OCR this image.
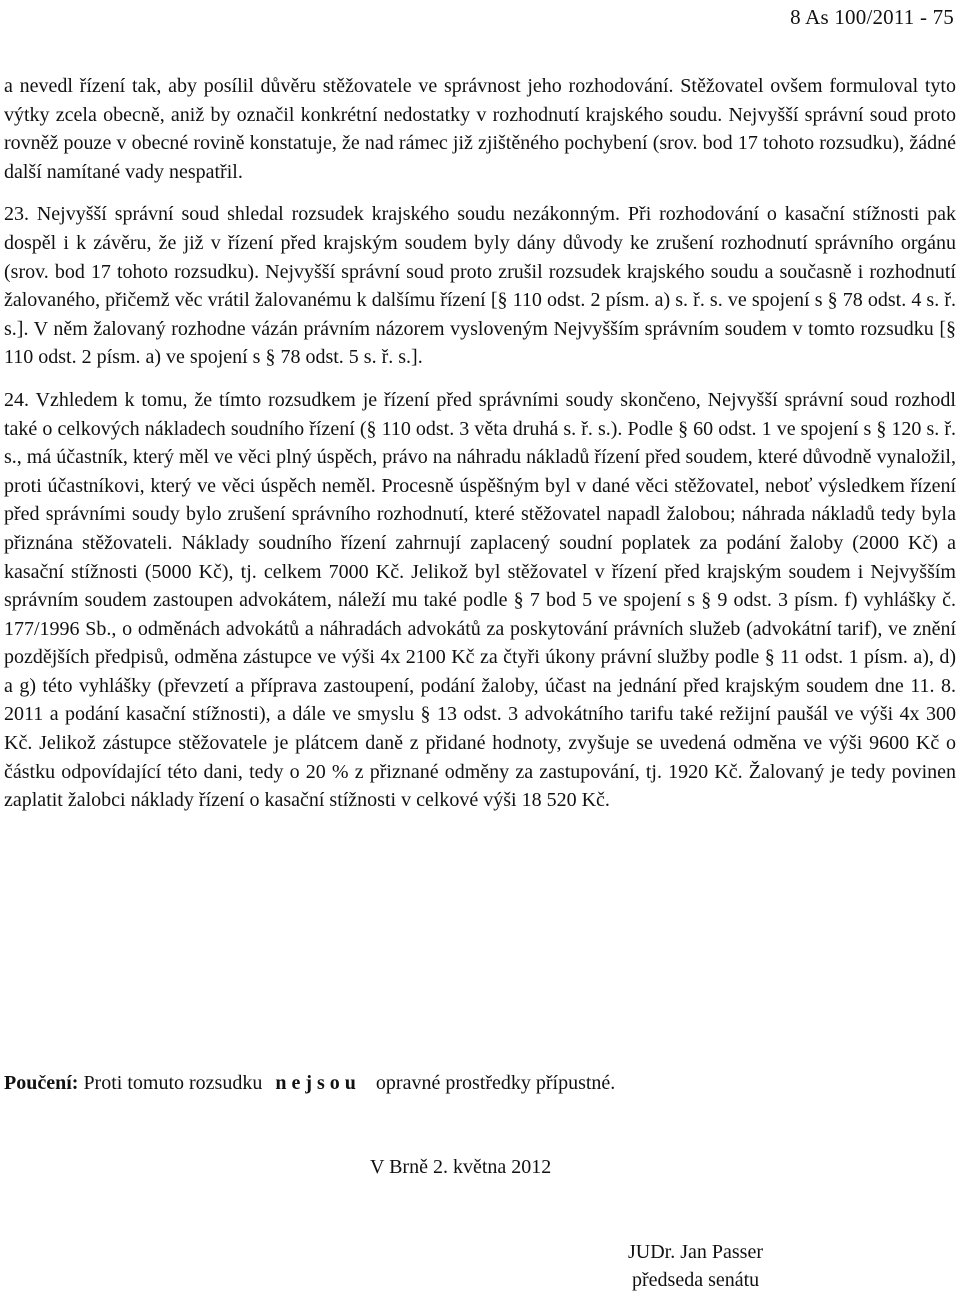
8 As 100/2011 - 75

a nevedl řízení tak, aby posílil důvěru stěžovatele ve správnost jeho rozhodování. Stěžovatel ovšem formuloval tyto výtky zcela obecně, aniž by označil konkrétní nedostatky v rozhodnutí krajského soudu. Nejvyšší správní soud proto rovněž pouze v obecné rovině konstatuje, že nad rámec již zjištěného pochybení (srov. bod 17 tohoto rozsudku), žádné další namítané vady nespatřil.

23. Nejvyšší správní soud shledal rozsudek krajského soudu nezákonným. Při rozhodování o kasační stížnosti pak dospěl i k závěru, že již v řízení před krajským soudem byly dány důvody ke zrušení rozhodnutí správního orgánu (srov. bod 17 tohoto rozsudku). Nejvyšší správní soud proto zrušil rozsudek krajského soudu a současně i rozhodnutí žalovaného, přičemž věc vrátil žalovanému k dalšímu řízení [§ 110 odst. 2 písm. a) s. ř. s. ve spojení s § 78 odst. 4 s. ř. s.]. V něm žalovaný rozhodne vázán právním názorem vysloveným Nejvyšším správním soudem v tomto rozsudku [§ 110 odst. 2 písm. a) ve spojení s § 78 odst. 5 s. ř. s.].

24. Vzhledem k tomu, že tímto rozsudkem je řízení před správními soudy skončeno, Nejvyšší správní soud rozhodl také o celkových nákladech soudního řízení (§ 110 odst. 3 věta druhá s. ř. s.). Podle § 60 odst. 1 ve spojení s § 120 s. ř. s., má účastník, který měl ve věci plný úspěch, právo na náhradu nákladů řízení před soudem, které důvodně vynaložil, proti účastníkovi, který ve věci úspěch neměl. Procesně úspěšným byl v dané věci stěžovatel, neboť výsledkem řízení před správními soudy bylo zrušení správního rozhodnutí, které stěžovatel napadl žalobou; náhrada nákladů tedy byla přiznána stěžovateli. Náklady soudního řízení zahrnují zaplacený soudní poplatek za podání žaloby (2000 Kč) a kasační stížnosti (5000 Kč), tj. celkem 7000 Kč. Jelikož byl stěžovatel v řízení před krajským soudem i Nejvyšším správním soudem zastoupen advokátem, náleží mu také podle § 7 bod 5 ve spojení s § 9 odst. 3 písm. f) vyhlášky č. 177/1996 Sb., o odměnách advokátů a náhradách advokátů za poskytování právních služeb (advokátní tarif), ve znění pozdějších předpisů, odměna zástupce ve výši 4x 2100 Kč za čtyři úkony právní služby podle § 11 odst. 1 písm. a), d) a g) této vyhlášky (převzetí a příprava zastoupení, podání žaloby, účast na jednání před krajským soudem dne 11. 8. 2011 a podání kasační stížnosti), a dále ve smyslu § 13 odst. 3 advokátního tarifu také režijní paušál ve výši 4x 300 Kč. Jelikož zástupce stěžovatele je plátcem daně z přidané hodnoty, zvyšuje se uvedená odměna ve výši 9600 Kč o částku odpovídající této dani, tedy o 20 % z přiznané odměny za zastupování, tj. 1920 Kč. Žalovaný je tedy povinen zaplatit žalobci náklady řízení o kasační stížnosti v celkové výši 18 520 Kč.

Poučení: Proti tomuto rozsudku nejsou opravné prostředky přípustné.
V Brně 2. května 2012
JUDr. Jan Passer
předseda senátu
